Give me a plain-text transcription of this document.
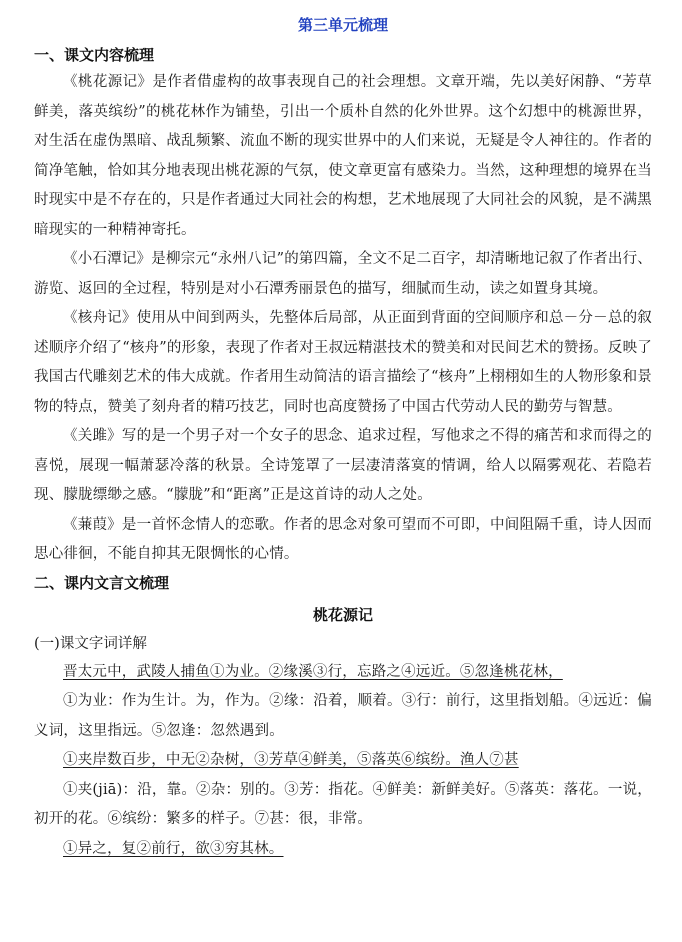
第三单元梳理
一、课文内容梳理

《桃花源记》是作者借虚构的故事表现自己的社会理想。文章开端，先以美好闲静、“芳草鲜美，落英缤纷”的桃花林作为铺垫，引出一个质朴自然的化外世界。这个幻想中的桃源世界，对生活在虚伪黑暗、战乱频繁、流血不断的现实世界中的人们来说，无疑是令人神往的。作者的简净笔触，恰如其分地表现出桃花源的气氛，使文章更富有感染力。当然，这种理想的境界在当时现实中是不存在的，只是作者通过大同社会的构想，艺术地展现了大同社会的风貌，是不满黑暗现实的一种精神寄托。

《小石潭记》是柳宗元“永州八记”的第四篇，全文不足二百字，却清晰地记叙了作者出行、游览、返回的全过程，特别是对小石潭秀丽景色的描写，细腻而生动，读之如置身其境。

《核舟记》使用从中间到两头，先整体后局部，从正面到背面的空间顺序和总－分－总的叙述顺序介绍了“核舟”的形象，表现了作者对王叔远精湛技术的赞美和对民间艺术的赞扬。反映了我国古代雕刻艺术的伟大成就。作者用生动简洁的语言描绘了“核舟”上栩栩如生的人物形象和景物的特点，赞美了刻舟者的精巧技艺，同时也高度赞扬了中国古代劳动人民的勤劳与智慧。

《关雎》写的是一个男子对一个女子的思念、追求过程，写他求之不得的痛苦和求而得之的喜悦，展现一幅萧瑟冷落的秋景。全诗笼罩了一层凄清落寞的情调，给人以隔雾观花、若隐若现、朦胧缥缈之感。“朦胧”和“距离”正是这首诗的动人之处。

《蒹葭》是一首怀念情人的恋歌。作者的思念对象可望而不可即，中间阻隔千重，诗人因而思心徘徊，不能自抑其无限惆怅的心情。

二、课内文言文梳理
桃花源记

(一)课文字词详解

晋太元中，武陵人捕鱼①为业。②缘溪③行，忘路之④远近。⑤忽逢桃花林，

①为业：作为生计。为，作为。②缘：沿着，顺着。③行：前行，这里指划船。④远近：偏义词，这里指远。⑤忽逢：忽然遇到。

①夹岸数百步，中无②杂树，③芳草④鲜美，⑤落英⑥缤纷。渔人⑦甚

①夹(jiā)：沿，靠。②杂：别的。③芳：指花。④鲜美：新鲜美好。⑤落英：落花。一说，初开的花。⑥缤纷：繁多的样子。⑦甚：很，非常。

①异之，复②前行，欲③穷其林。
